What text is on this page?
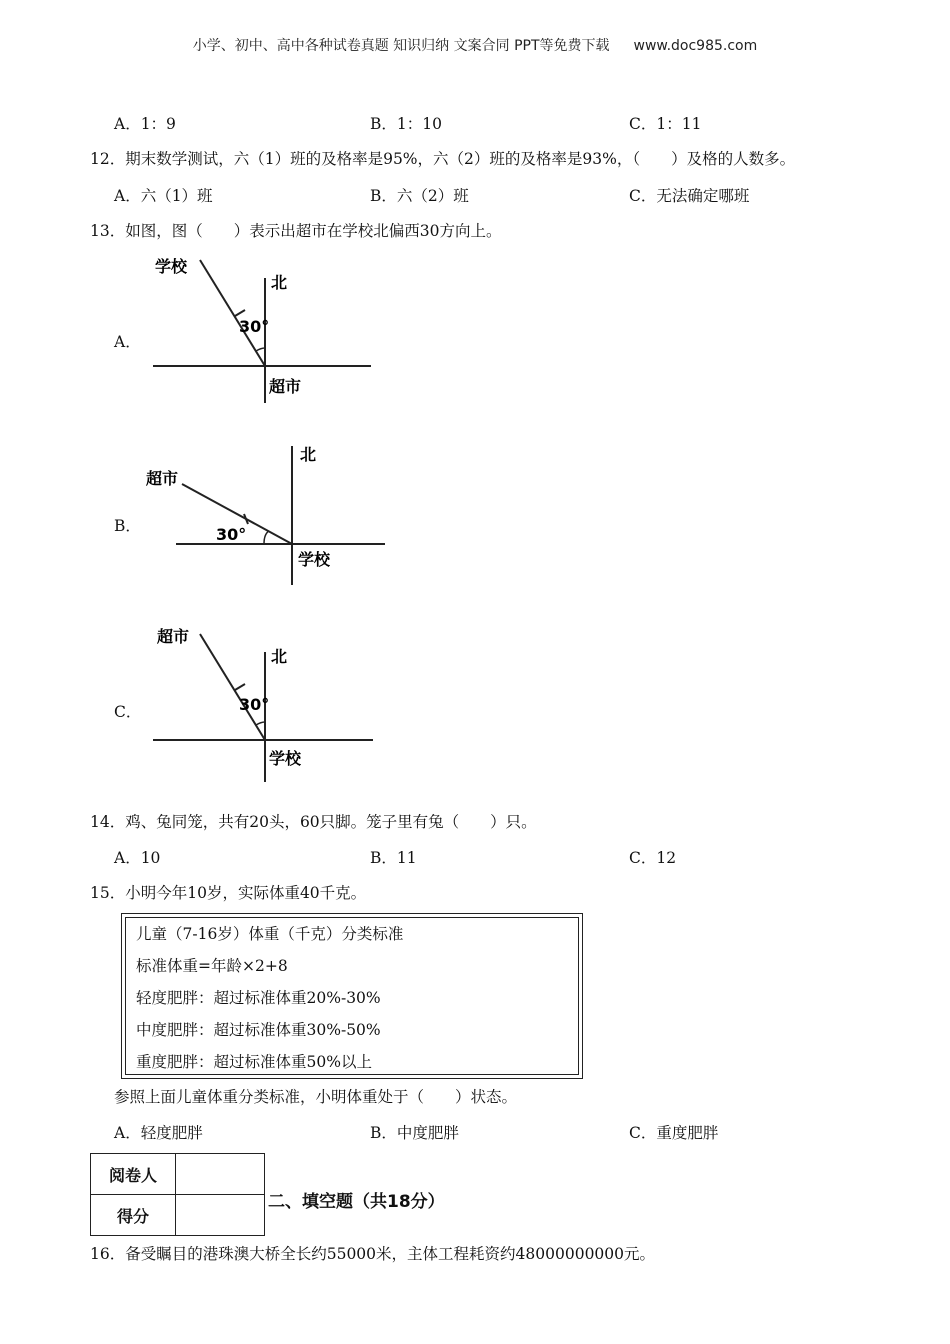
小学、初中、高中各种试卷真题 知识归纳 文案合同 PPT等免费下载 www.doc985.com
A．1：9	B．1：10	C．1：11
12．期末数学测试，六（1）班的及格率是95%，六（2）班的及格率是93%，（　　）及格的人数多。
A．六（1）班	B．六（2）班	C．无法确定哪班
13．如图，图（　　）表示出超市在学校北偏西30方向上。
A．
学校
北
30°
超市
B．
超市
北
30°
学校
C．
超市
北
30°
学校
14．鸡、兔同笼，共有20头，60只脚。笼子里有兔（　　）只。
A．10	B．11	C．12
15．小明今年10岁，实际体重40千克。
儿童（7-16岁）体重（千克）分类标准
标准体重=年龄×2+8
轻度肥胖：超过标准体重20%-30%
中度肥胖：超过标准体重30%-50%
重度肥胖：超过标准体重50%以上
参照上面儿童体重分类标准，小明体重处于（　　）状态。
A．轻度肥胖	B．中度肥胖	C．重度肥胖
阅卷人	
得分	
二、填空题（共18分）
16．备受瞩目的港珠澳大桥全长约55000米，主体工程耗资约48000000000元。
